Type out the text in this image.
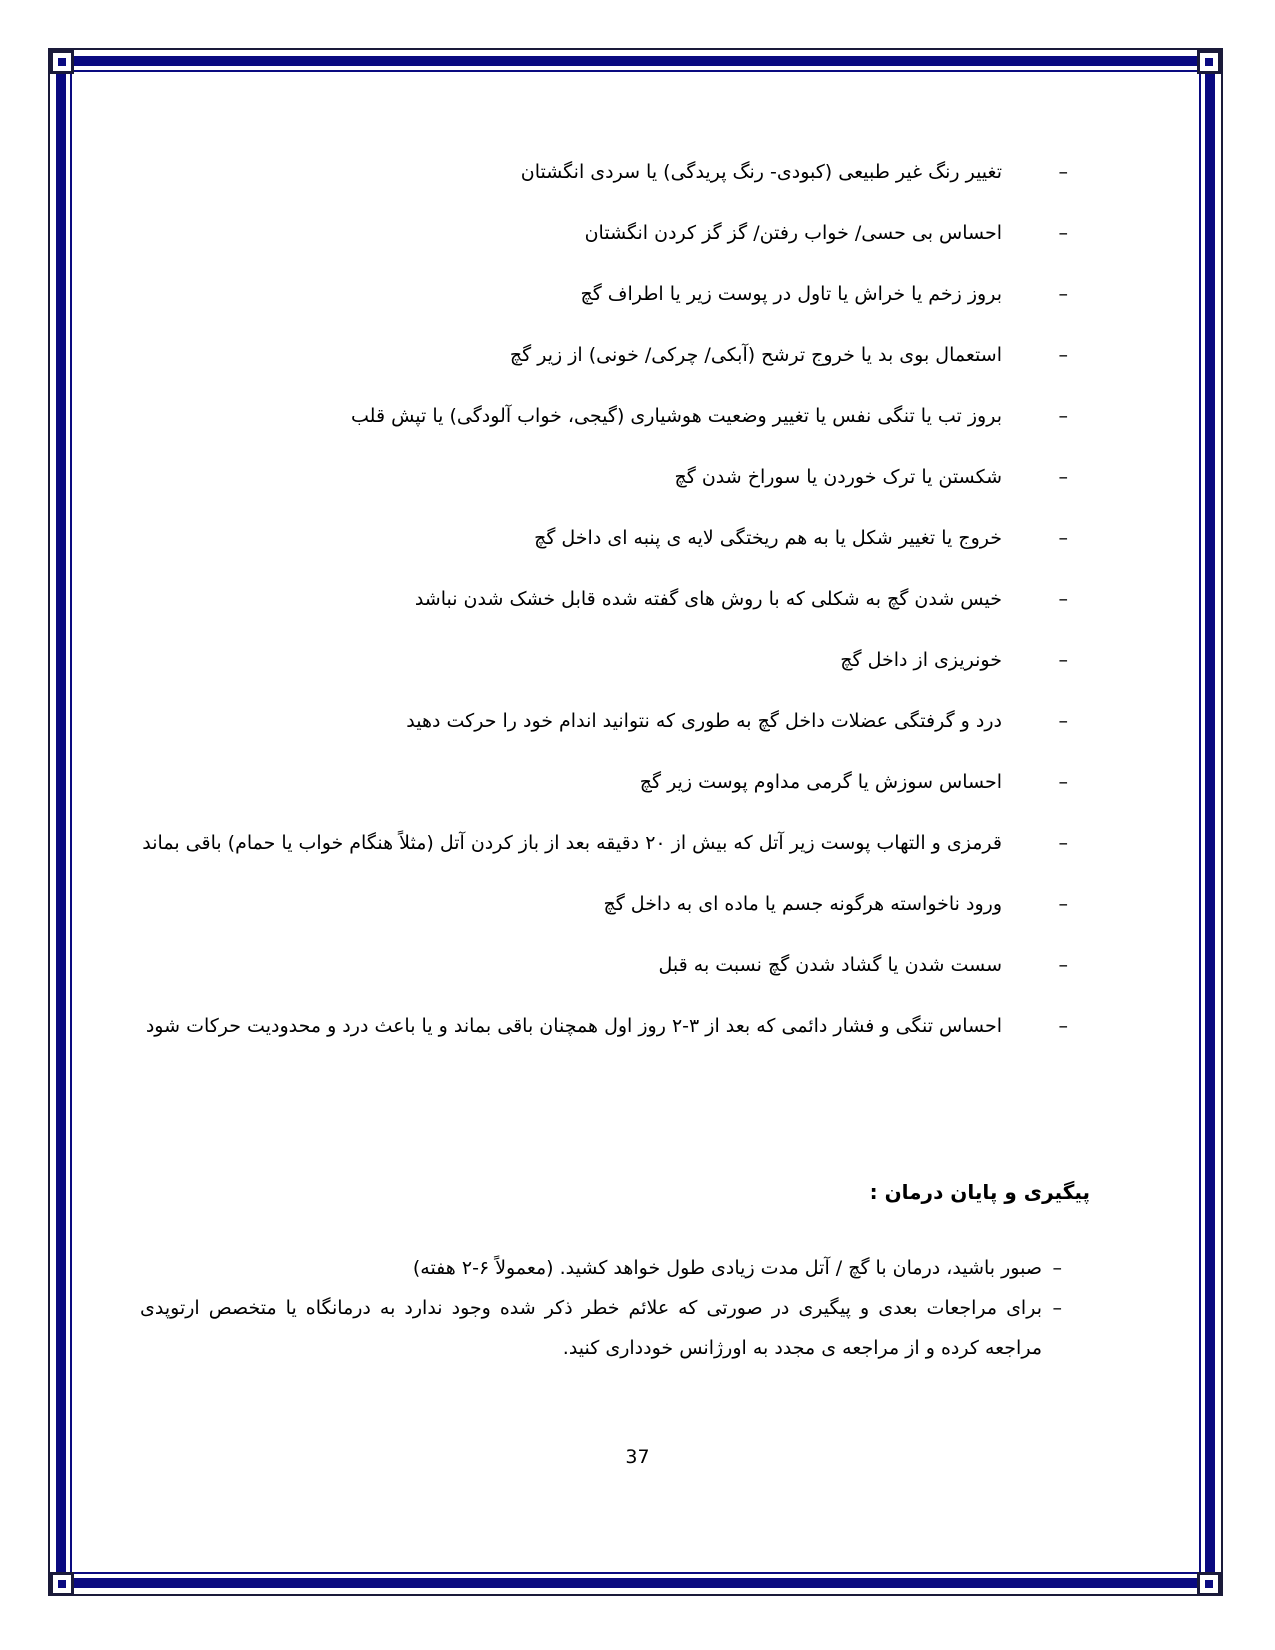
–
تغییر رنگ غیر طبیعی (کبودی- رنگ پریدگی) یا سردی انگشتان
–
احساس بی حسی/ خواب رفتن/ گز گز کردن انگشتان
–
بروز زخم یا خراش یا تاول در پوست زیر یا اطراف گچ
–
استعمال بوی بد یا خروج ترشح (آبکی/ چرکی/ خونی) از زیر گچ
–
بروز تب یا تنگی نفس یا تغییر وضعیت هوشیاری (گیجی، خواب آلودگی) یا تپش قلب
–
شکستن یا ترک خوردن یا سوراخ شدن گچ
–
خروج یا تغییر شکل یا به هم ریختگی لایه ی پنبه ای داخل گچ
–
خیس شدن گچ به شکلی که با روش های گفته شده قابل خشک شدن نباشد
–
خونریزی از داخل گچ
–
درد و گرفتگی عضلات داخل گچ به طوری که نتوانید اندام خود را حرکت دهید
–
احساس سوزش یا گرمی مداوم پوست زیر گچ
–
قرمزی و التهاب پوست زیر آتل که بیش از ۲۰ دقیقه بعد از باز کردن آتل (مثلاً هنگام خواب یا حمام) باقی بماند
–
ورود ناخواسته هرگونه جسم یا ماده ای به داخل گچ
–
سست شدن یا گشاد شدن گچ نسبت به قبل
–
احساس تنگی و فشار دائمی که بعد از ۳-۲ روز اول همچنان باقی بماند و یا باعث درد و محدودیت حرکات شود
پیگیری و پایان درمان :
–
صبور باشید، درمان با گچ / آتل مدت زیادی طول خواهد کشید. (معمولاً ۶-۲ هفته)
–
برای مراجعات بعدی و پیگیری در صورتی که علائم خطر ذکر شده وجود ندارد به درمانگاه یا متخصص ارتوپدی مراجعه کرده و از مراجعه ی مجدد به اورژانس خودداری کنید.
37
